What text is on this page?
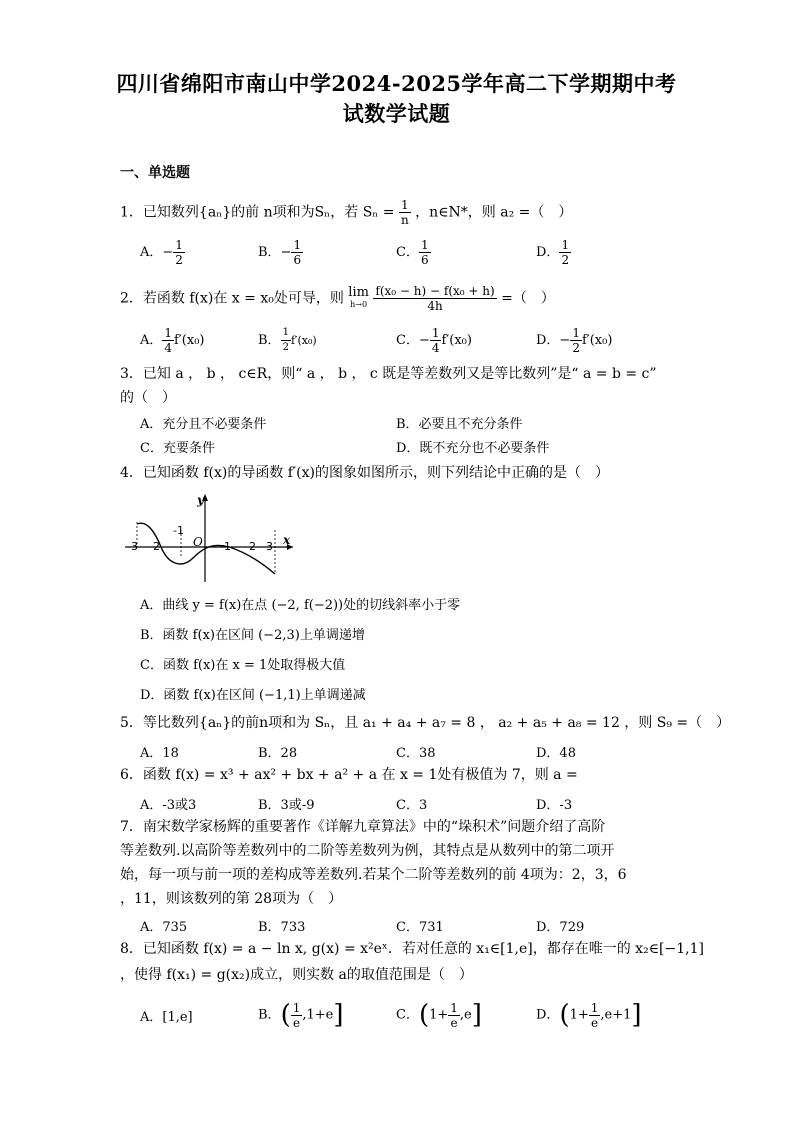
四川省绵阳市南山中学2024-2025学年高二下学期期中考
试数学试题
一、单选题
1．已知数列{aₙ}的前 n项和为Sₙ，若 $S_n = \frac{1}{n}$ ，n∈N*，则 a₂ =（　）
A．− $\frac{1}{2}$	B．− $\frac{1}{6}$	C． $\frac{1}{6}$	D． $\frac{1}{2}$
2．若函数 f(x)在 x = x₀处可导，则 lim
h→0
$\frac{\text{f(x₀ − h) − f(x₀ + h)}}{4h}$ =（　）
A． $\frac{1}{4} f'(x_0)$	B． $\frac{1}{2} f'(x_0)$	C．− $\frac{1}{4} f'(x_0)$	D．− $\frac{1}{2} f'(x_0)$
3．已知 a ， b ， c∈R，则“ a ， b ， c 既是等差数列又是等比数列”是“ a = b = c”
的（　）
A．充分且不必要条件	B．必要且不充分条件
C．充要条件	D．既不充分也不必要条件
4．已知函数 f(x)的导函数 f′(x)的图象如图所示，则下列结论中正确的是（　）
y
x
O
-3 -2
-1
1 2 3
A．曲线 y = f(x)在点 (−2, f(−2))处的切线斜率小于零
B．函数 f(x)在区间 (−2,3)上单调递增
C．函数 f(x)在 x = 1处取得极大值
D．函数 f(x)在区间 (−1,1)上单调递减
5．等比数列{aₙ}的前n项和为 Sₙ，且 a₁ + a₄ + a₇ = 8 ， a₂ + a₅ + a₈ = 12 ，则 S₉ =（　）
A．18	B．28	C．38	D．48
6．函数 f(x) = x³ + ax² + bx + a² + a 在 x = 1处有极值为 7，则 a =
A．-3或3	B．3或-9	C．3	D．-3
7．南宋数学家杨辉的重要著作《详解九章算法》中的“垛积术”问题介绍了高阶
等差数列.以高阶等差数列中的二阶等差数列为例，其特点是从数列中的第二项开
始，每一项与前一项的差构成等差数列.若某个二阶等差数列的前 4项为：2，3，6
，11，则该数列的第 28项为（　）
A．735	B．733	C．731	D．729
8．已知函数 f(x) = a − ln x, g(x) = x²eˣ．若对任意的 x₁∈[1,e]，都存在唯一的 x₂∈[−1,1]
，使得 f(x₁) = g(x₂)成立，则实数 a的取值范围是（　）
A．[1,e]	B．( $\frac{1}{e} ,1+e$]	C．$(1+ \frac{1}{e} ,e]$	D．$(1+ \frac{1}{e} ,e+1]$
